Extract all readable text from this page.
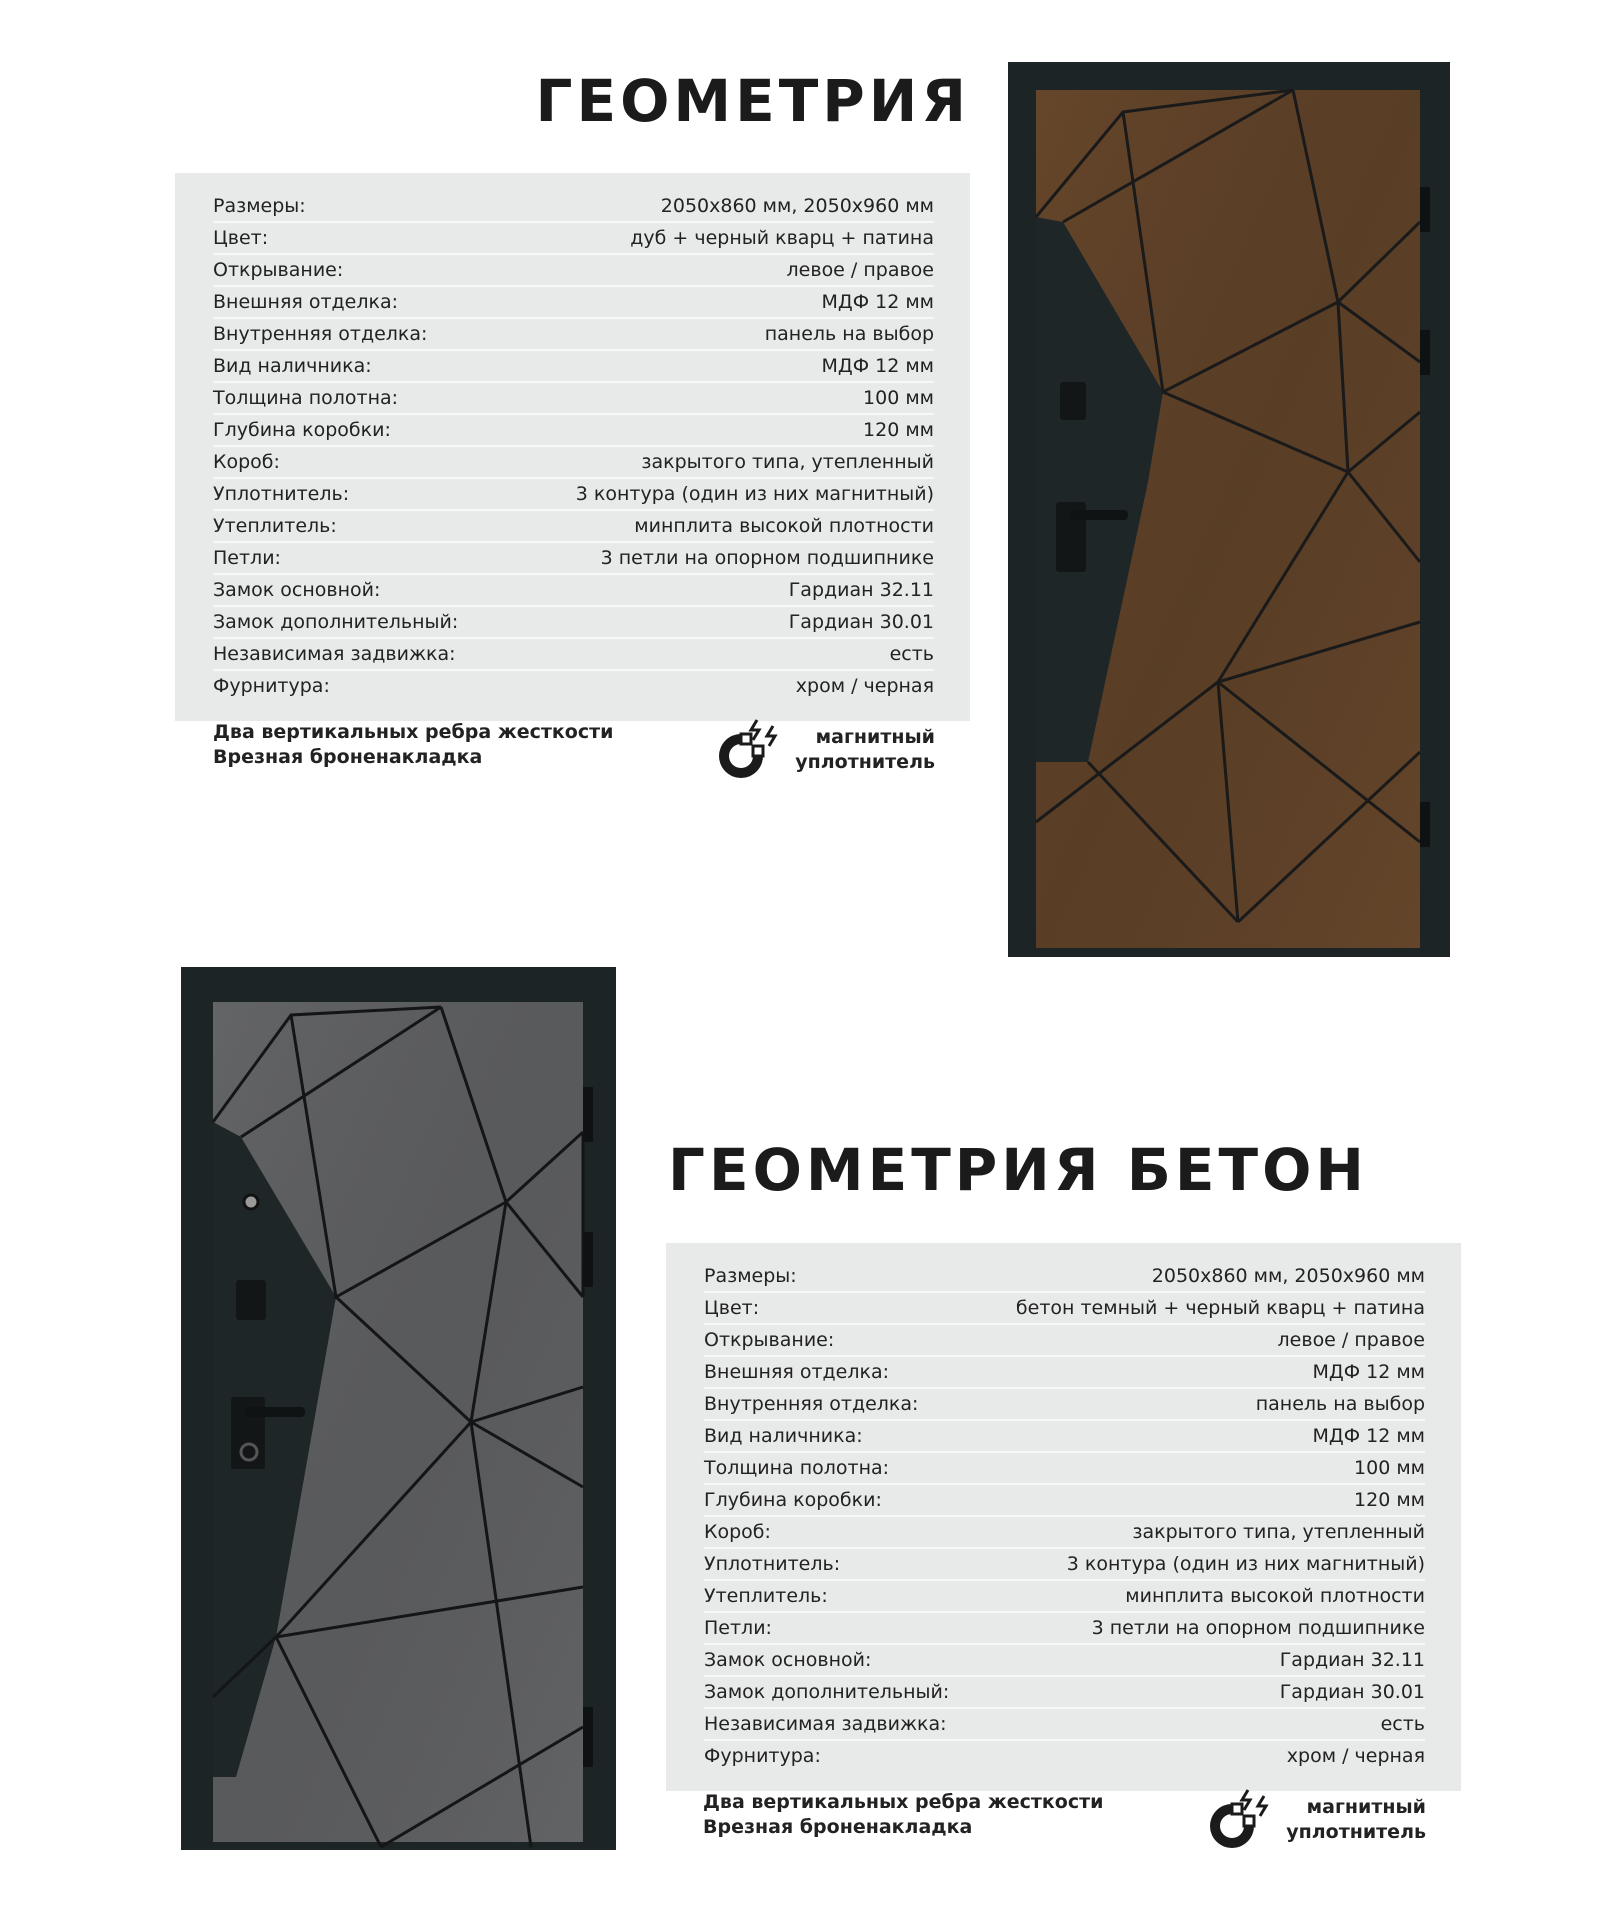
ГЕОМЕТРИЯ
Размеры:	2050х860 мм, 2050х960 мм
Цвет:	дуб + черный кварц + патина
Открывание:	левое / правое
Внешняя отделка:	МДФ 12 мм
Внутренняя отделка:	панель на выбор
Вид наличника:	МДФ 12 мм
Толщина полотна:	100 мм
Глубина коробки:	120 мм
Короб:	закрытого типа, утепленный
Уплотнитель:	3 контура (один из них магнитный)
Утеплитель:	минплита высокой плотности
Петли:	3 петли на опорном подшипнике
Замок основной:	Гардиан 32.11
Замок дополнительный:	Гардиан 30.01
Независимая задвижка:	есть
Фурнитура:	хром / черная
Два вертикальных ребра жесткости
Врезная броненакладка
магнитный
уплотнитель
ГЕОМЕТРИЯ БЕТОН
Размеры:	2050х860 мм, 2050х960 мм
Цвет:	бетон темный + черный кварц + патина
Открывание:	левое / правое
Внешняя отделка:	МДФ 12 мм
Внутренняя отделка:	панель на выбор
Вид наличника:	МДФ 12 мм
Толщина полотна:	100 мм
Глубина коробки:	120 мм
Короб:	закрытого типа, утепленный
Уплотнитель:	3 контура (один из них магнитный)
Утеплитель:	минплита высокой плотности
Петли:	3 петли на опорном подшипнике
Замок основной:	Гардиан 32.11
Замок дополнительный:	Гардиан 30.01
Независимая задвижка:	есть
Фурнитура:	хром / черная
Два вертикальных ребра жесткости
Врезная броненакладка
магнитный
уплотнитель
